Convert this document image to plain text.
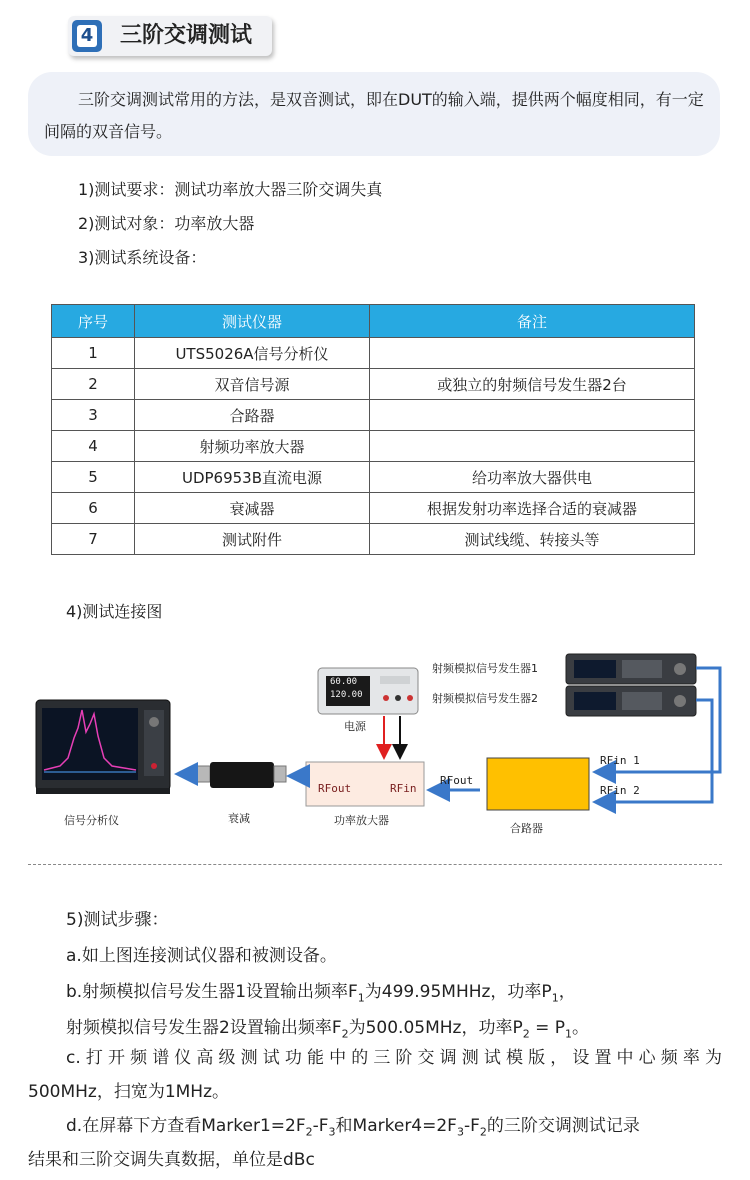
4 三阶交调测试
三阶交调测试常用的方法，是双音测试，即在DUT的输入端，提供两个幅度相同，有一定间隔的双音信号。
1)测试要求：测试功率放大器三阶交调失真
2)测试对象：功率放大器
3)测试系统设备：
序号	测试仪器	备注
1	UTS5026A信号分析仪	
2	双音信号源	或独立的射频信号发生器2台
3	合路器	
4	射频功率放大器	
5	UDP6953B直流电源	给功率放大器供电
6	衰减器	根据发射功率选择合适的衰减器
7	测试附件	测试线缆、转接头等
4)测试连接图
信号分析仪	衰减	功率放大器
合路器
电源
射频模拟信号发生器1
射频模拟信号发生器2
RFout	RFin
RFout
RFin 1
RFin 2
60.00
120.00
5)测试步骤：
a.如上图连接测试仪器和被测设备。
b.射频模拟信号发生器1设置输出频率$F_1$为499.95MHHz，功率$P_1$，
射频模拟信号发生器2设置输出频率$F_2$为500.05MHz，功率$P_2 = P_1$。
c.打开频谱仪高级测试功能中的三阶交调测试模版，设置中心频率为
500MHz，扫宽为1MHz。
d.在屏幕下方查看$Marker1=2F_2-F_3$和$Marker4=2F_3-F_2$的三阶交调测试记录
结果和三阶交调失真数据，单位是dBc
